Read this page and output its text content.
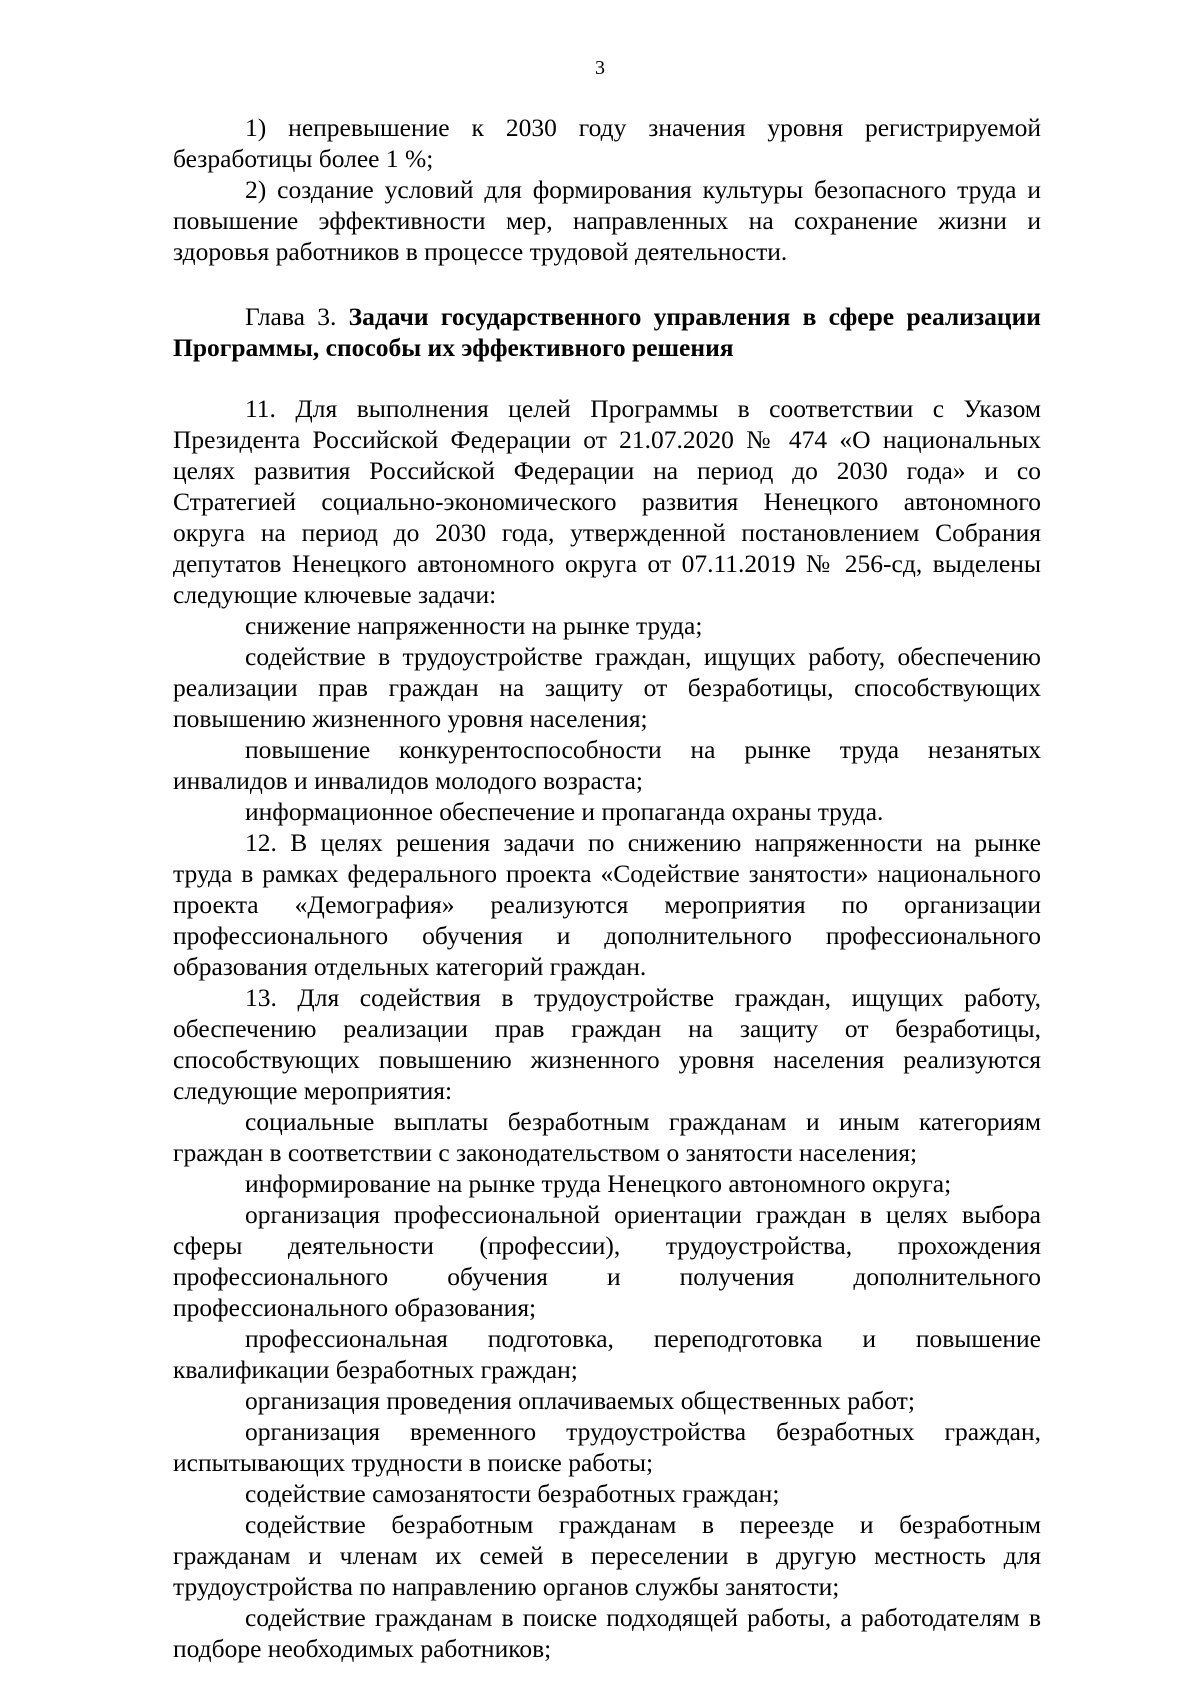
3

1) непревышение к 2030 году значения уровня регистрируемой безработицы более 1 %;

2) создание условий для формирования культуры безопасного труда и повышение эффективности мер, направленных на сохранение жизни и здоровья работников в процессе трудовой деятельности.

Глава 3. Задачи государственного управления в сфере реализации Программы, способы их эффективного решения

11. Для выполнения целей Программы в соответствии с Указом Президента Российской Федерации от 21.07.2020 № 474 «О национальных целях развития Российской Федерации на период до 2030 года» и со Стратегией социально-экономического развития Ненецкого автономного округа на период до 2030 года, утвержденной постановлением Собрания депутатов Ненецкого автономного округа от 07.11.2019 № 256-сд, выделены следующие ключевые задачи:

снижение напряженности на рынке труда;

содействие в трудоустройстве граждан, ищущих работу, обеспечению реализации прав граждан на защиту от безработицы, способствующих повышению жизненного уровня населения;

повышение конкурентоспособности на рынке труда незанятых инвалидов и инвалидов молодого возраста;

информационное обеспечение и пропаганда охраны труда.

12. В целях решения задачи по снижению напряженности на рынке труда в рамках федерального проекта «Содействие занятости» национального проекта «Демография» реализуются мероприятия по организации профессионального обучения и дополнительного профессионального образования отдельных категорий граждан.

13. Для содействия в трудоустройстве граждан, ищущих работу, обеспечению реализации прав граждан на защиту от безработицы, способствующих повышению жизненного уровня населения реализуются следующие мероприятия:

социальные выплаты безработным гражданам и иным категориям граждан в соответствии с законодательством о занятости населения;

информирование на рынке труда Ненецкого автономного округа;

организация профессиональной ориентации граждан в целях выбора сферы деятельности (профессии), трудоустройства, прохождения профессионального обучения и получения дополнительного профессионального образования;

профессиональная подготовка, переподготовка и повышение квалификации безработных граждан;

организация проведения оплачиваемых общественных работ;

организация временного трудоустройства безработных граждан, испытывающих трудности в поиске работы;

содействие самозанятости безработных граждан;

содействие безработным гражданам в переезде и безработным гражданам и членам их семей в переселении в другую местность для трудоустройства по направлению органов службы занятости;

содействие гражданам в поиске подходящей работы, а работодателям в подборе необходимых работников;
